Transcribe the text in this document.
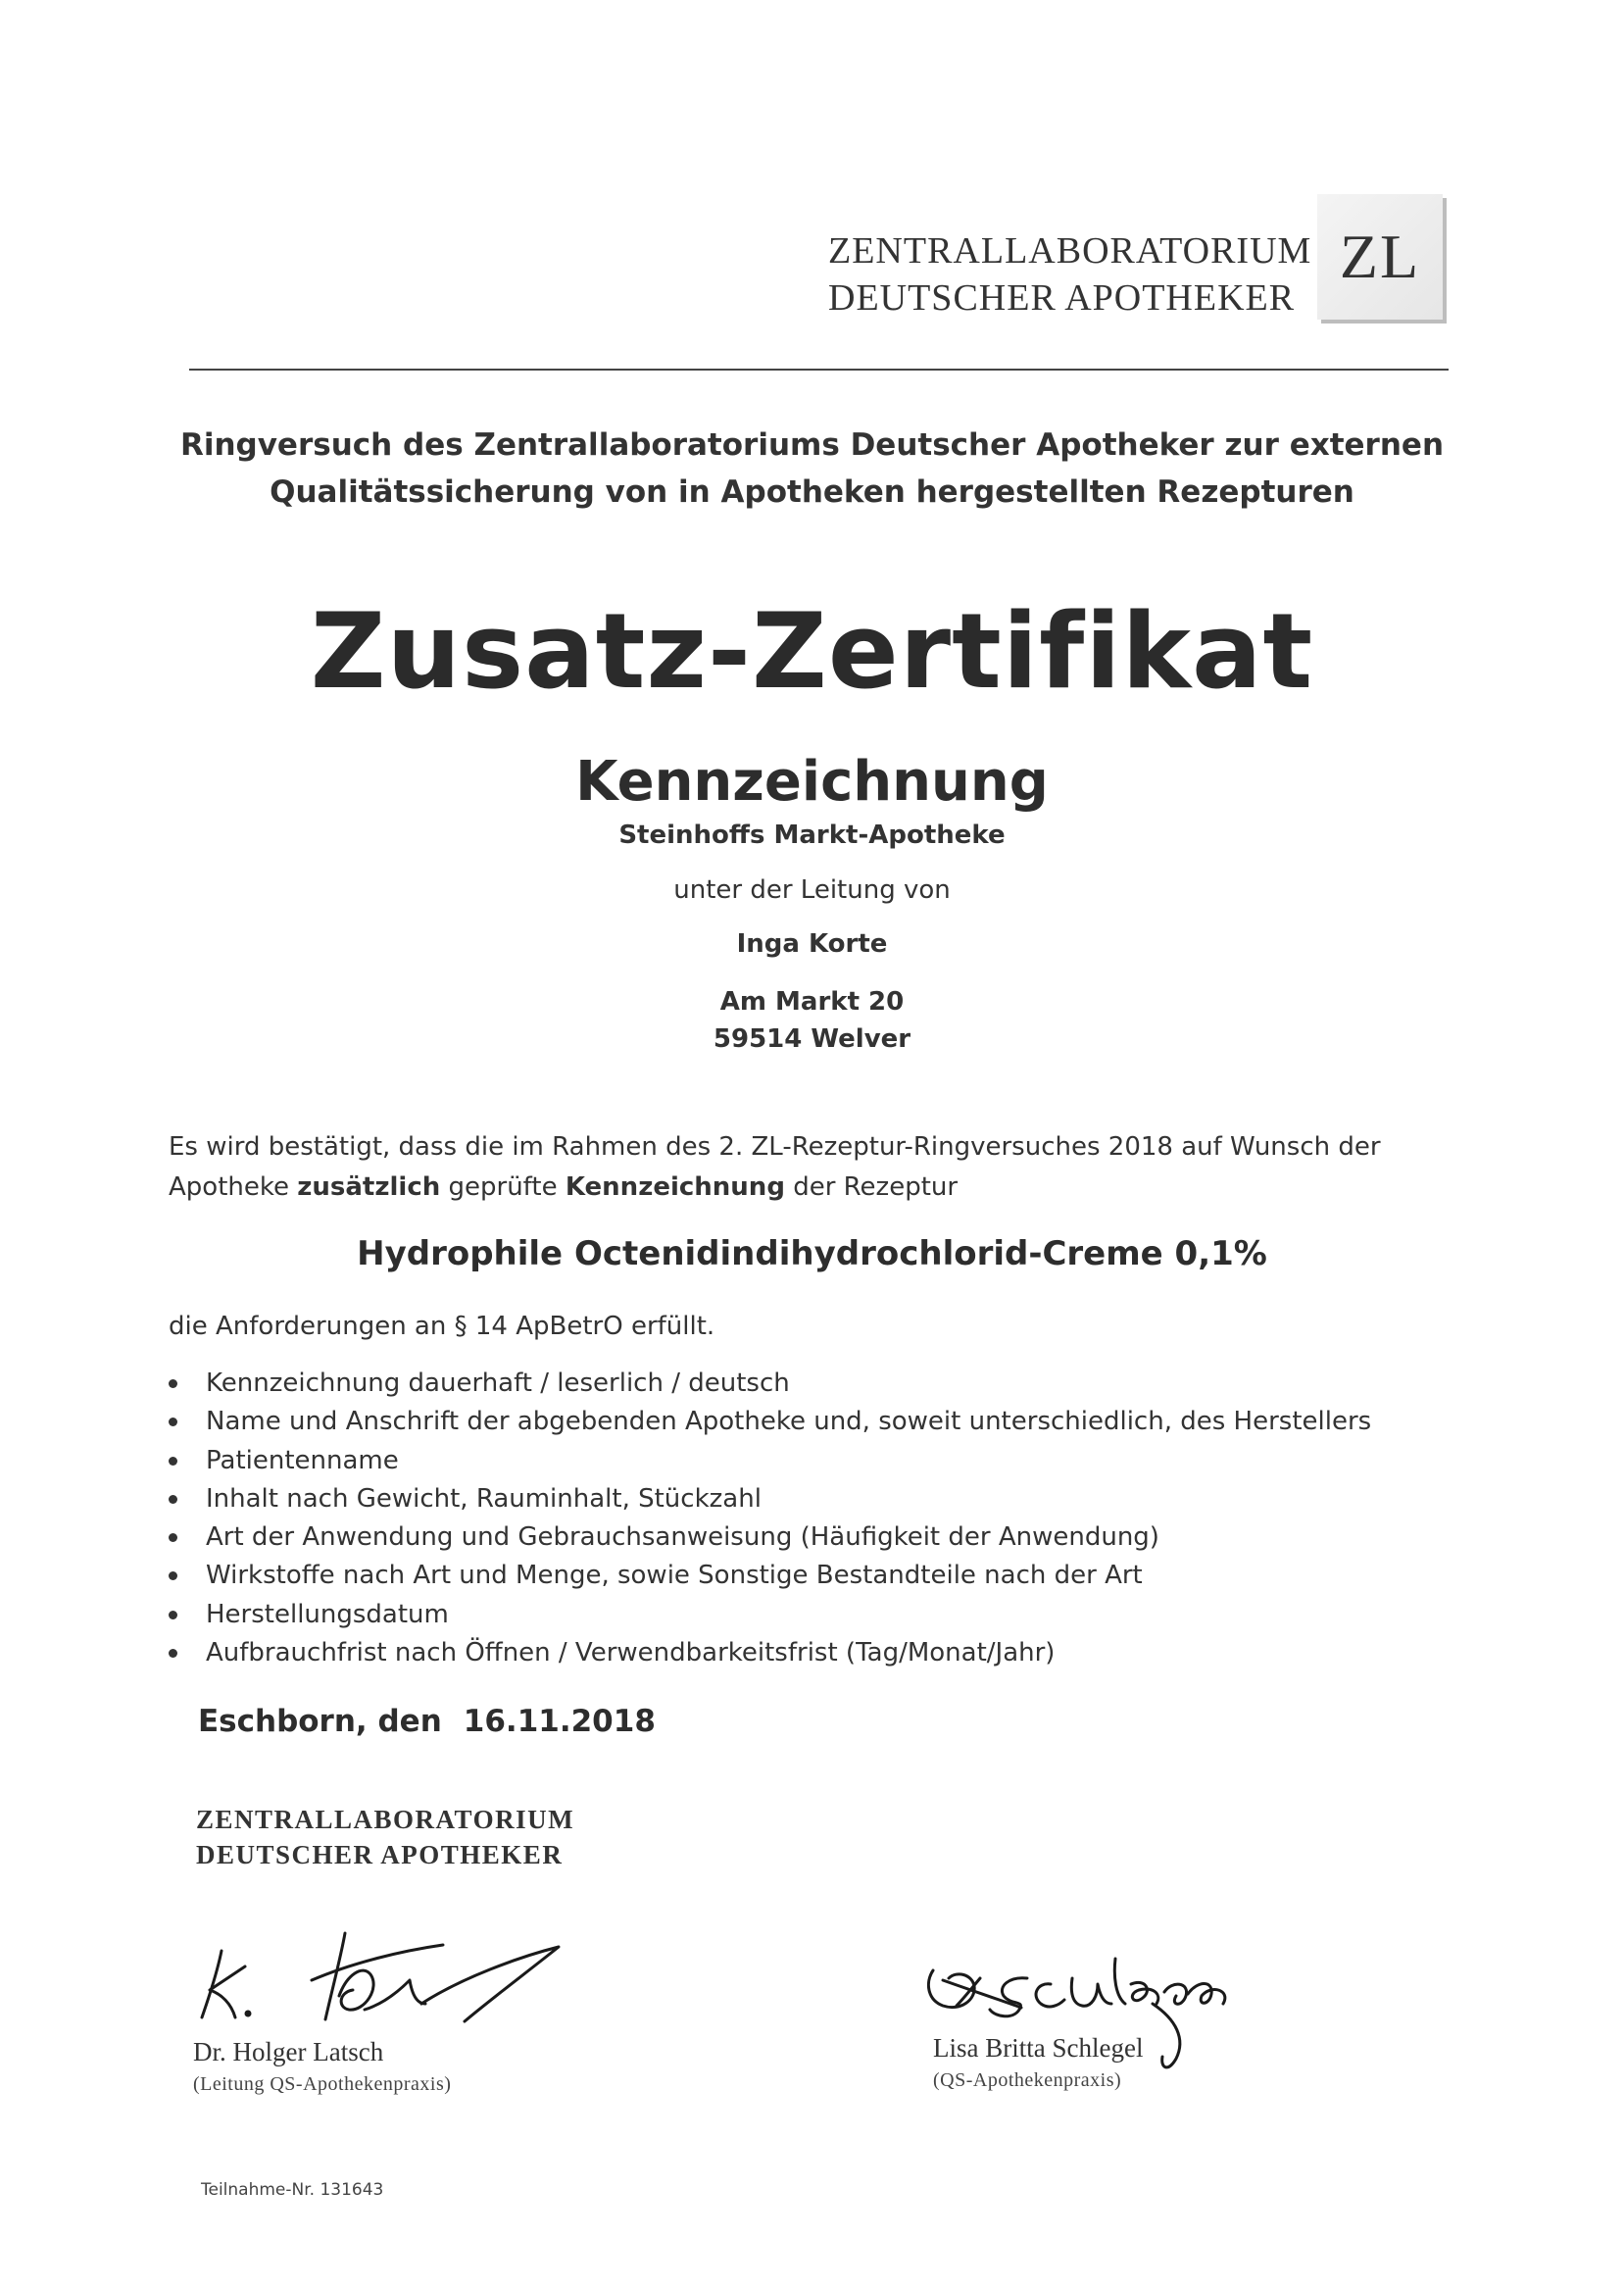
ZENTRALLABORATORIUM
DEUTSCHER APOTHEKER
ZL
Ringversuch des Zentrallaboratoriums Deutscher Apotheker zur externen
Qualitätssicherung von in Apotheken hergestellten Rezepturen
Zusatz-Zertifikat
Kennzeichnung
Steinhoffs Markt-Apotheke
unter der Leitung von
Inga Korte
Am Markt 20
59514 Welver
Es wird bestätigt, dass die im Rahmen des 2. ZL-Rezeptur-Ringversuches 2018 auf Wunsch der Apotheke zusätzlich geprüfte Kennzeichnung der Rezeptur
Hydrophile Octenidindihydrochlorid-Creme 0,1%
die Anforderungen an § 14 ApBetrO erfüllt.
Kennzeichnung dauerhaft / leserlich / deutsch
Name und Anschrift der abgebenden Apotheke und, soweit unterschiedlich, des Herstellers
Patientenname
Inhalt nach Gewicht, Rauminhalt, Stückzahl
Art der Anwendung und Gebrauchsanweisung (Häufigkeit der Anwendung)
Wirkstoffe nach Art und Menge, sowie Sonstige Bestandteile nach der Art
Herstellungsdatum
Aufbrauchfrist nach Öffnen / Verwendbarkeitsfrist (Tag/Monat/Jahr)
Eschborn, den 16.11.2018
ZENTRALLABORATORIUM
DEUTSCHER APOTHEKER
Dr. Holger Latsch
(Leitung QS-Apothekenpraxis)
Lisa Britta Schlegel
(QS-Apothekenpraxis)
Teilnahme-Nr. 131643
